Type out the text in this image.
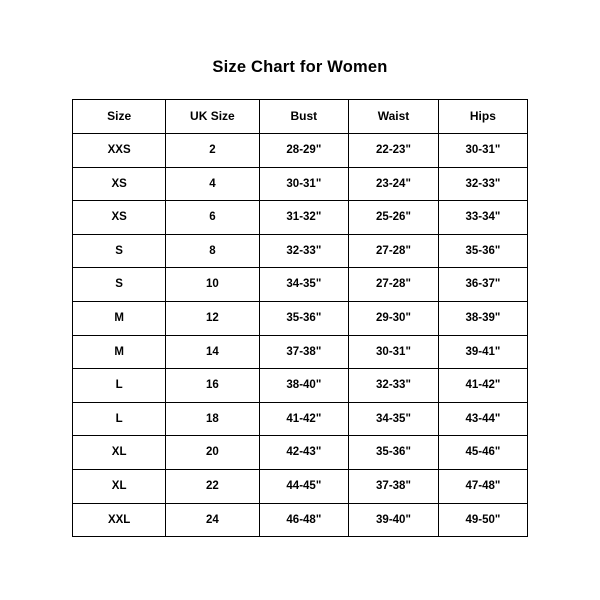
Size Chart for Women
Size	UK Size	Bust	Waist	Hips
XXS	2	28-29"	22-23"	30-31"
XS	4	30-31"	23-24"	32-33"
XS	6	31-32"	25-26"	33-34"
S	8	32-33"	27-28"	35-36"
S	10	34-35"	27-28"	36-37"
M	12	35-36"	29-30"	38-39"
M	14	37-38"	30-31"	39-41"
L	16	38-40"	32-33"	41-42"
L	18	41-42"	34-35"	43-44"
XL	20	42-43"	35-36"	45-46"
XL	22	44-45"	37-38"	47-48"
XXL	24	46-48"	39-40"	49-50"
